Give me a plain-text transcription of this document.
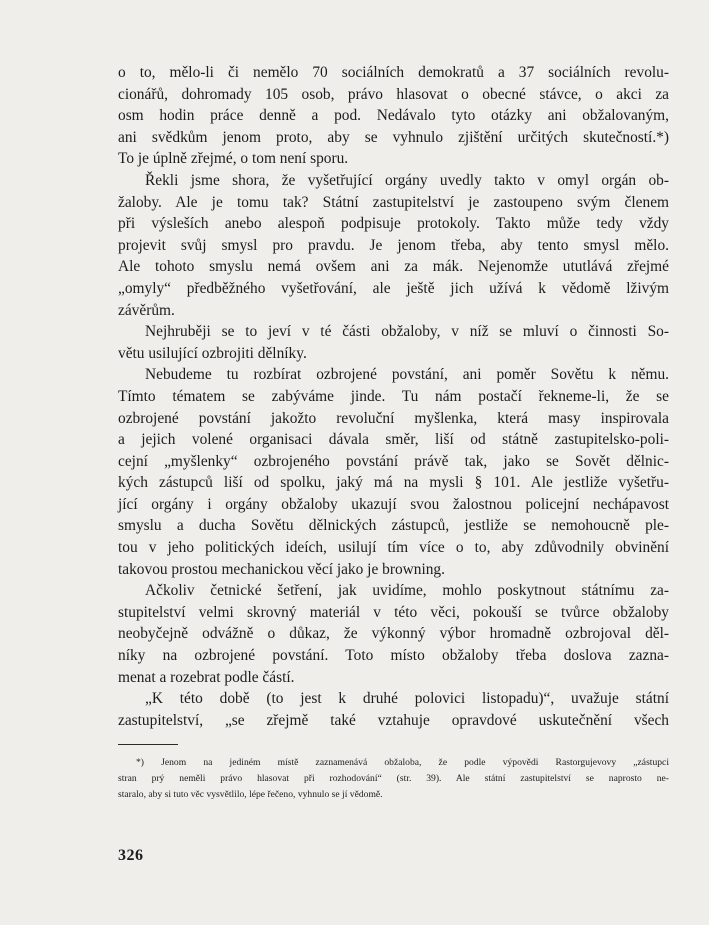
o to, mělo-li či nemělo 70 sociálních demokratů a 37 sociálních revolu-
cionářů, dohromady 105 osob, právo hlasovat o obecné stávce, o akci za
osm hodin práce denně a pod. Nedávalo tyto otázky ani obžalovaným,
ani svědkům jenom proto, aby se vyhnulo zjištění určitých skutečností.*)
To je úplně zřejmé, o tom není sporu.
Řekli jsme shora, že vyšetřující orgány uvedly takto v omyl orgán ob-
žaloby. Ale je tomu tak? Státní zastupitelství je zastoupeno svým členem
při výsleších anebo alespoň podpisuje protokoly. Takto může tedy vždy
projevit svůj smysl pro pravdu. Je jenom třeba, aby tento smysl mělo.
Ale tohoto smyslu nemá ovšem ani za mák. Nejenomže ututlává zřejmé
„omyly“ předběžného vyšetřování, ale ještě jich užívá k vědomě lživým
závěrům.
Nejhruběji se to jeví v té části obžaloby, v níž se mluví o činnosti So-
větu usilující ozbrojiti dělníky.
Nebudeme tu rozbírat ozbrojené povstání, ani poměr Sovětu k němu.
Tímto tématem se zabýváme jinde. Tu nám postačí řekneme-li, že se
ozbrojené povstání jakožto revoluční myšlenka, která masy inspirovala
a jejich volené organisaci dávala směr, liší od státně zastupitelsko-poli-
cejní „myšlenky“ ozbrojeného povstání právě tak, jako se Sovět dělnic-
kých zástupců liší od spolku, jaký má na mysli § 101. Ale jestliže vyšetřu-
jící orgány i orgány obžaloby ukazují svou žalostnou policejní nechápavost
smyslu a ducha Sovětu dělnických zástupců, jestliže se nemohoucně ple-
tou v jeho politických ideích, usilují tím více o to, aby zdůvodnily obvinění
takovou prostou mechanickou věcí jako je browning.
Ačkoliv četnické šetření, jak uvidíme, mohlo poskytnout státnímu za-
stupitelství velmi skrovný materiál v této věci, pokouší se tvůrce obžaloby
neobyčejně odvážně o důkaz, že výkonný výbor hromadně ozbrojoval děl-
níky na ozbrojené povstání. Toto místo obžaloby třeba doslova zazna-
menat a rozebrat podle částí.
„K této době (to jest k druhé polovici listopadu)“, uvažuje státní
zastupitelství, „se zřejmě také vztahuje opravdové uskutečnění všech
*) Jenom na jediném místě zaznamenává obžaloba, že podle výpovědi Rastorgujevovy „zástupci
stran prý neměli právo hlasovat při rozhodování“ (str. 39). Ale státní zastupitelství se naprosto ne-
staralo, aby si tuto věc vysvětlilo, lépe řečeno, vyhnulo se jí vědomě.
326
